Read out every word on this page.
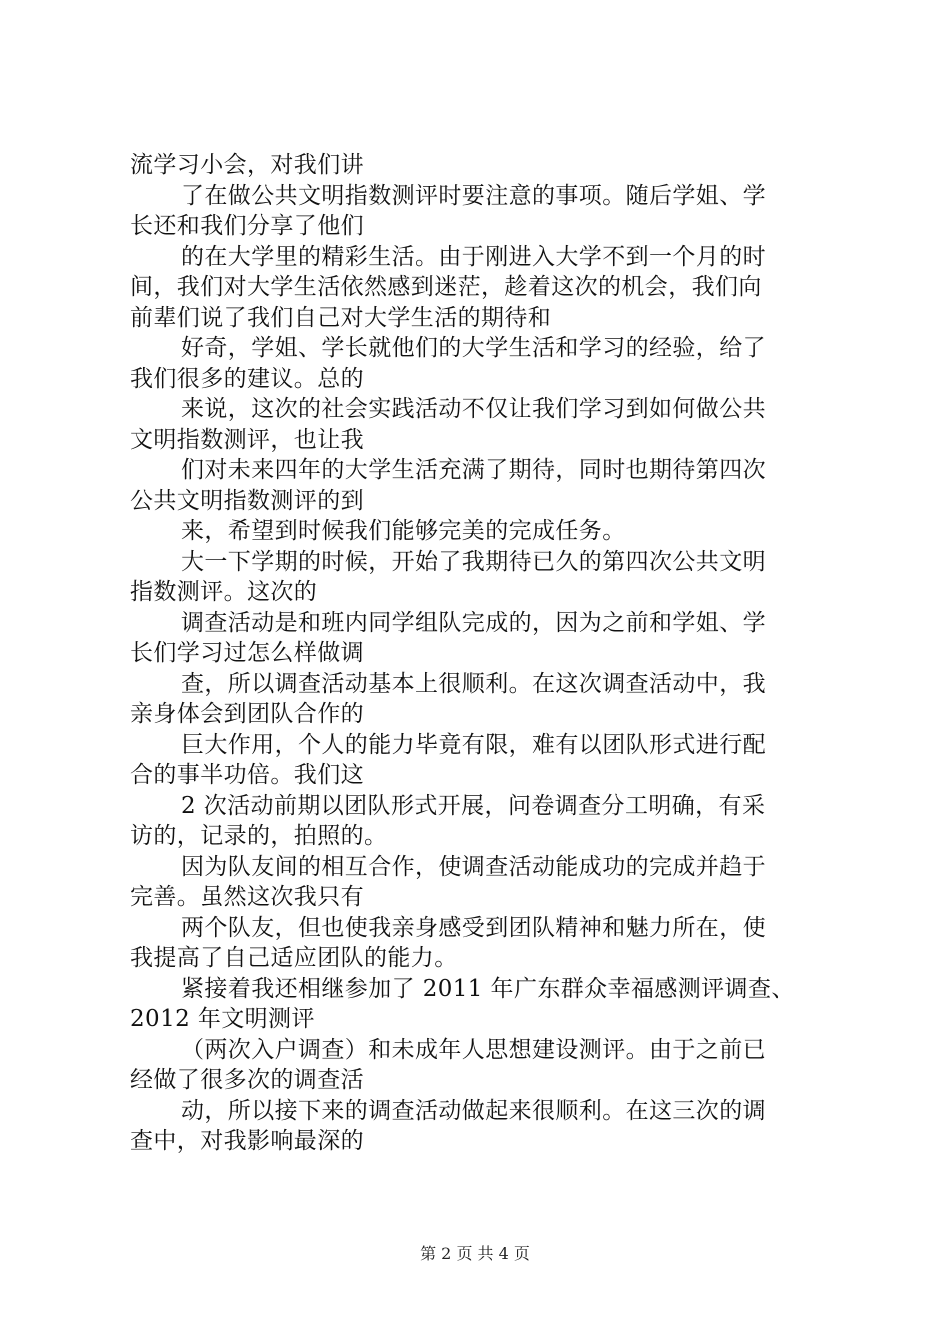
流学习小会，对我们讲
了在做公共文明指数测评时要注意的事项。随后学姐、学
长还和我们分享了他们
的在大学里的精彩生活。由于刚进入大学不到一个月的时
间，我们对大学生活依然感到迷茫，趁着这次的机会，我们向
前辈们说了我们自己对大学生活的期待和
好奇，学姐、学长就他们的大学生活和学习的经验，给了
我们很多的建议。总的
来说，这次的社会实践活动不仅让我们学习到如何做公共
文明指数测评，也让我
们对未来四年的大学生活充满了期待，同时也期待第四次
公共文明指数测评的到
来，希望到时候我们能够完美的完成任务。
大一下学期的时候，开始了我期待已久的第四次公共文明
指数测评。这次的
调查活动是和班内同学组队完成的，因为之前和学姐、学
长们学习过怎么样做调
查，所以调查活动基本上很顺利。在这次调查活动中，我
亲身体会到团队合作的
巨大作用，个人的能力毕竟有限，难有以团队形式进行配
合的事半功倍。我们这
2 次活动前期以团队形式开展，问卷调查分工明确，有采
访的，记录的，拍照的。
因为队友间的相互合作，使调查活动能成功的完成并趋于
完善。虽然这次我只有
两个队友，但也使我亲身感受到团队精神和魅力所在，使
我提高了自己适应团队的能力。
紧接着我还相继参加了 2011 年广东群众幸福感测评调查、
2012 年文明测评
（两次入户调查）和未成年人思想建设测评。由于之前已
经做了很多次的调查活
动，所以接下来的调查活动做起来很顺利。在这三次的调
查中，对我影响最深的
第 2 页 共 4 页
